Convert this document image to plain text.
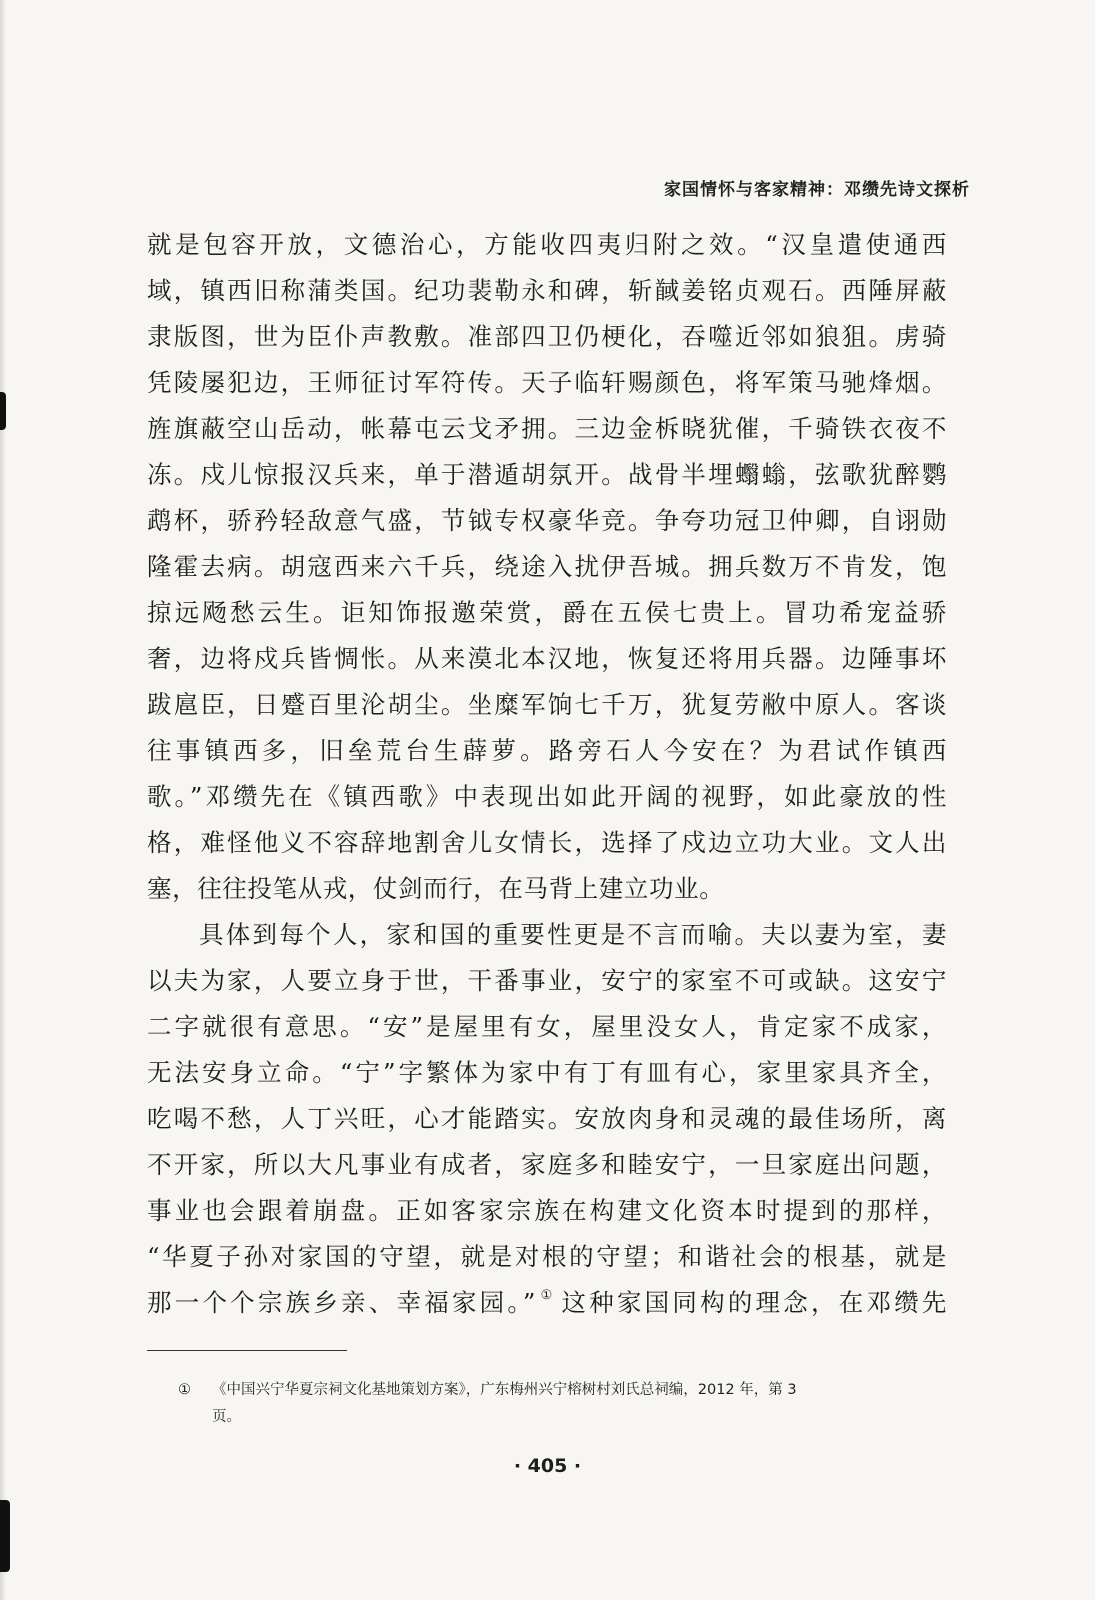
家国情怀与客家精神：邓缵先诗文探析
就是包容开放，文德治心，方能收四夷归附之效。“汉皇遣使通西
域，镇西旧称蒲类国。纪功裴勒永和碑，斩馘姜铭贞观石。西陲屏蔽
隶版图，世为臣仆声教敷。准部四卫仍梗化，吞噬近邻如狼狙。虏骑
凭陵屡犯边，王师征讨军符传。天子临轩赐颜色，将军策马驰烽烟。
旌旗蔽空山岳动，帐幕屯云戈矛拥。三边金柝晓犹催，千骑铁衣夜不
冻。戍儿惊报汉兵来，单于潜遁胡氛开。战骨半埋蠮螉，弦歌犹醉鹦
鹉杯，骄矜轻敌意气盛，节钺专权豪华竞。争夸功冠卫仲卿，自诩勋
隆霍去病。胡寇西来六千兵，绕途入扰伊吾城。拥兵数万不肯发，饱
掠远飏愁云生。讵知饰报邀荣赏，爵在五侯七贵上。冒功希宠益骄
奢，边将戍兵皆惆怅。从来漠北本汉地，恢复还将用兵器。边陲事坏
跋扈臣，日蹙百里沦胡尘。坐糜军饷七千万，犹复劳敝中原人。客谈
往事镇西多，旧垒荒台生薜萝。路旁石人今安在？为君试作镇西
歌。”邓缵先在《镇西歌》中表现出如此开阔的视野，如此豪放的性
格，难怪他义不容辞地割舍儿女情长，选择了戍边立功大业。文人出
塞，往往投笔从戎，仗剑而行，在马背上建立功业。
具体到每个人，家和国的重要性更是不言而喻。夫以妻为室，妻
以夫为家，人要立身于世，干番事业，安宁的家室不可或缺。这安宁
二字就很有意思。“安”是屋里有女，屋里没女人，肯定家不成家，
无法安身立命。“宁”字繁体为家中有丁有皿有心，家里家具齐全，
吃喝不愁，人丁兴旺，心才能踏实。安放肉身和灵魂的最佳场所，离
不开家，所以大凡事业有成者，家庭多和睦安宁，一旦家庭出问题，
事业也会跟着崩盘。正如客家宗族在构建文化资本时提到的那样，
“华夏子孙对家国的守望，就是对根的守望；和谐社会的根基，就是
那一个个宗族乡亲、幸福家园。” ① 这种家国同构的理念，在邓缵先
① 《中国兴宁华夏宗祠文化基地策划方案》，广东梅州兴宁榕树村刘氏总祠编，2012 年，第 3
页。
· 405 ·
